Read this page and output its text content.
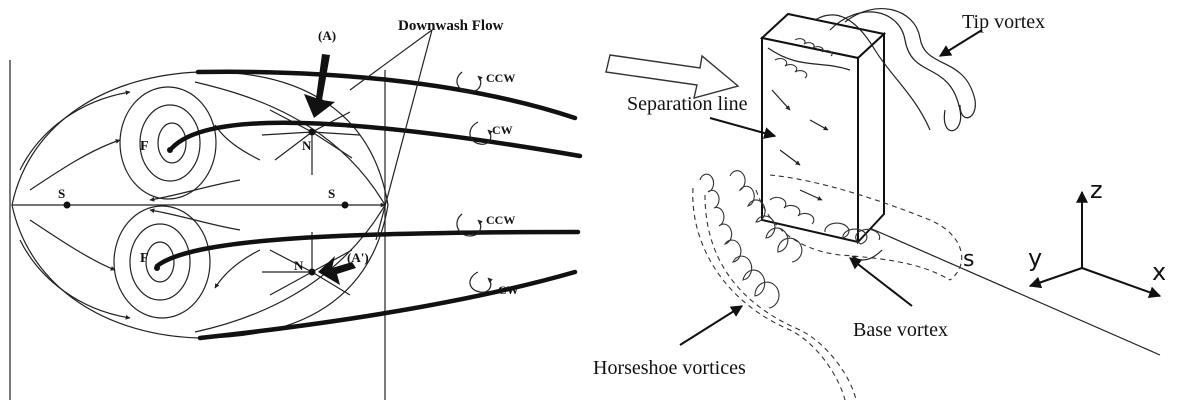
Downwash Flow
(A)
(A')
F
F
N
N
S	S
CCW
CW
CCW
CW
z
y	x
Tip vortex
Separation line
Base vortex
Horseshoe vortices
s
